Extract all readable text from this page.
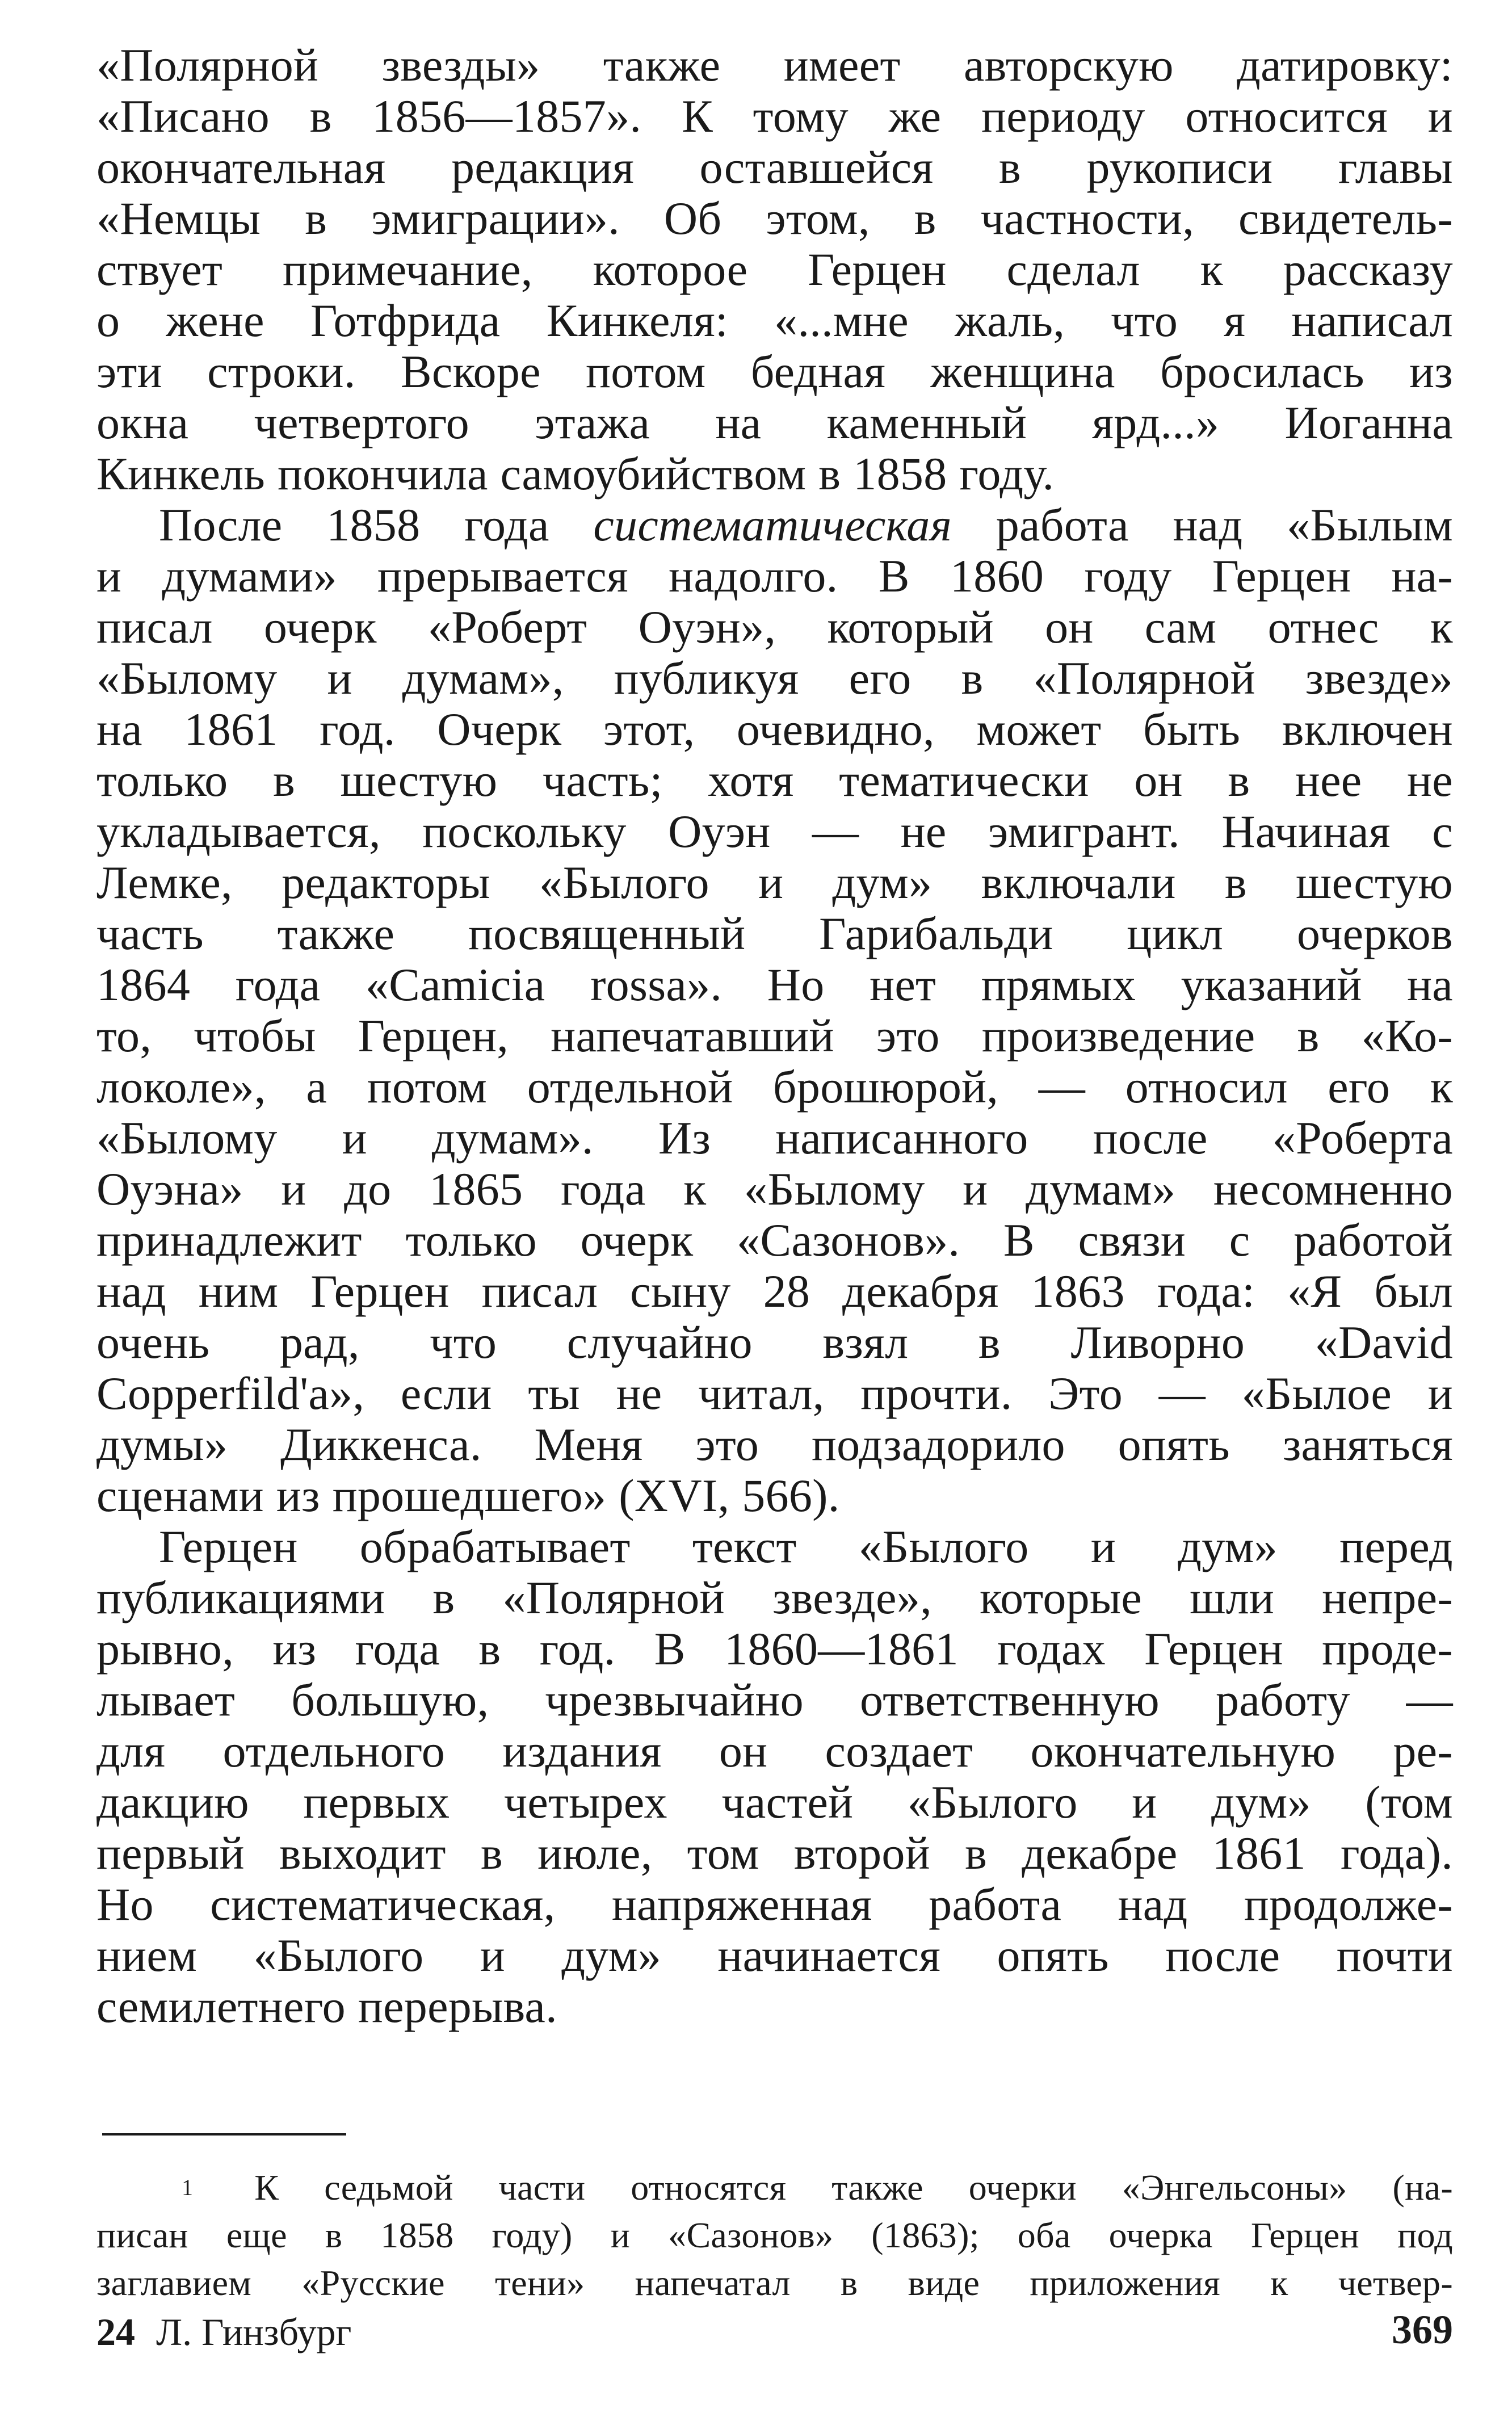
«Полярной звезды» также имеет авторскую датировку:
«Писано в 1856—1857». К тому же периоду относится и
окончательная редакция оставшейся в рукописи главы
«Немцы в эмиграции». Об этом, в частности, свидетель-
ствует примечание, которое Герцен сделал к рассказу
о жене Готфрида Кинкеля: «...мне жаль, что я написал
эти строки. Вскоре потом бедная женщина бросилась из
окна четвертого этажа на каменный ярд...» Иоганна
Кинкель покончила самоубийством в 1858 году.
После 1858 года систематическая работа над «Былым
и думами» прерывается надолго. В 1860 году Герцен на-
писал очерк «Роберт Оуэн», который он сам отнес к
«Былому и думам», публикуя его в «Полярной звезде»
на 1861 год. Очерк этот, очевидно, может быть включен
только в шестую часть; хотя тематически он в нее не
укладывается, поскольку Оуэн — не эмигрант. Начиная с
Лемке, редакторы «Былого и дум» включали в шестую
часть также посвященный Гарибальди цикл очерков
1864 года «Camicia rossa». Но нет прямых указаний на
то, чтобы Герцен, напечатавший это произведение в «Ко-
локоле», а потом отдельной брошюрой, — относил его к
«Былому и думам». Из написанного после «Роберта
Оуэна» и до 1865 года к «Былому и думам» несомненно
принадлежит только очерк «Сазонов». В связи с работой
над ним Герцен писал сыну 28 декабря 1863 года: «Я был
очень рад, что случайно взял в Ливорно «David
Copperfild'a», если ты не читал, прочти. Это — «Былое и
думы» Диккенса. Меня это подзадорило опять заняться
сценами из прошедшего» (XVI, 566).
Герцен обрабатывает текст «Былого и дум» перед
публикациями в «Полярной звезде», которые шли непре-
рывно, из года в год. В 1860—1861 годах Герцен проде-
лывает большую, чрезвычайно ответственную работу —
для отдельного издания он создает окончательную ре-
дакцию первых четырех частей «Былого и дум» (том
первый выходит в июле, том второй в декабре 1861 года).
Но систематическая, напряженная работа над продолже-
нием «Былого и дум» начинается опять после почти
семилетнего перерыва.
1 К седьмой части относятся также очерки «Энгельсоны» (на-
писан еще в 1858 году) и «Сазонов» (1863); оба очерка Герцен под
заглавием «Русские тени» напечатал в виде приложения к четвер-
24 Л. Гинзбург	369
